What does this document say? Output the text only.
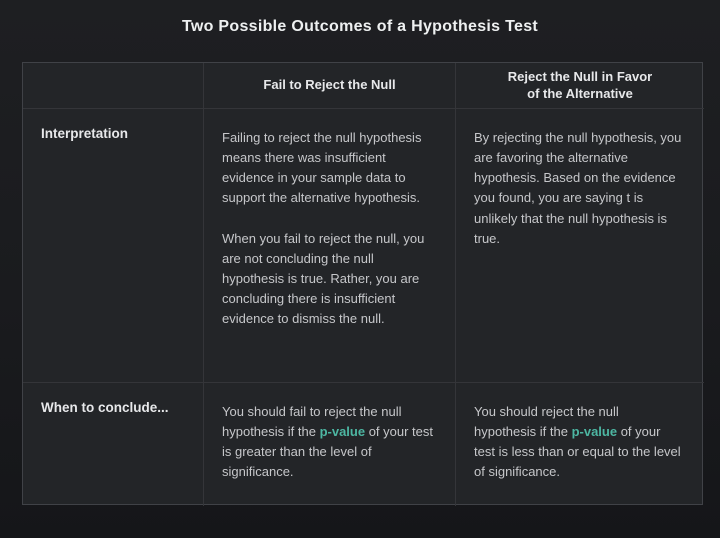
Two Possible Outcomes of a Hypothesis Test
Fail to Reject the Null
Reject the Null in Favor
of the Alternative
Interpretation	Failing to reject the null hypothesis means there was insufficient evidence in your sample data to support the alternative hypothesis.

When you fail to reject the null, you are not concluding the null hypothesis is true. Rather, you are concluding there is insufficient evidence to dismiss the null.

By rejecting the null hypothesis, you are favoring the alternative hypothesis. Based on the evidence you found, you are saying t is unlikely that the null hypothesis is true.

When to conclude...	You should fail to reject the null hypothesis if the p-value of your test is greater than the level of significance.

You should reject the null hypothesis if the p-value of your test is less than or equal to the level of significance.
